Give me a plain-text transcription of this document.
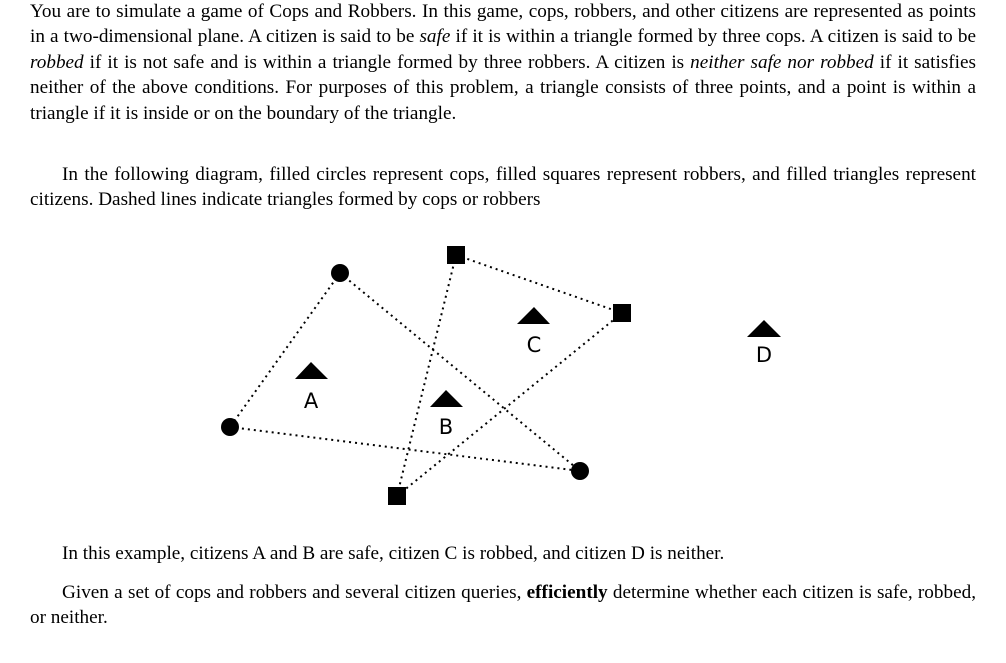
You are to simulate a game of Cops and Robbers. In this game, cops, robbers, and other citizens are represented as points in a two-dimensional plane. A citizen is said to be safe if it is within a triangle formed by three cops. A citizen is said to be robbed if it is not safe and is within a triangle formed by three robbers. A citizen is neither safe nor robbed if it satisfies neither of the above conditions. For purposes of this problem, a triangle consists of three points, and a point is within a triangle if it is inside or on the boundary of the triangle.

In the following diagram, filled circles represent cops, filled squares represent robbers, and filled triangles represent citizens. Dashed lines indicate triangles formed by cops or robbers

In this example, citizens A and B are safe, citizen C is robbed, and citizen D is neither.

Given a set of cops and robbers and several citizen queries, efficiently determine whether each citizen is safe, robbed, or neither.

A
B
C	D
